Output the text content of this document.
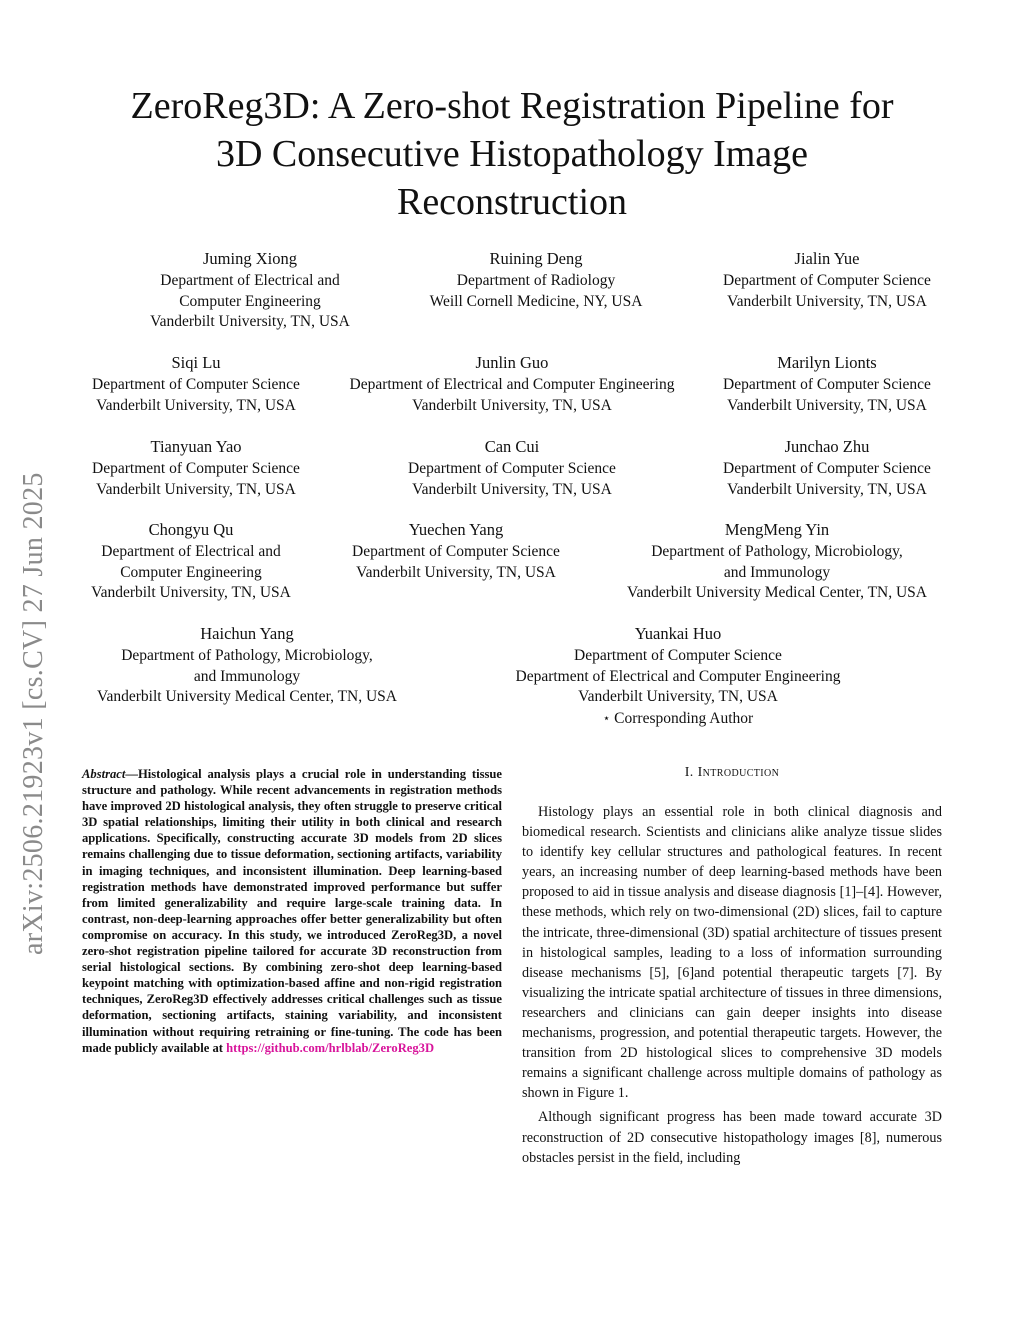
arXiv:2506.21923v1 [cs.CV] 27 Jun 2025
ZeroReg3D: A Zero-shot Registration Pipeline for
3D Consecutive Histopathology Image
Reconstruction
Juming Xiong
Department of Electrical and
Computer Engineering
Vanderbilt University, TN, USA
Ruining Deng
Department of Radiology
Weill Cornell Medicine, NY, USA
Jialin Yue
Department of Computer Science
Vanderbilt University, TN, USA
Siqi Lu
Department of Computer Science
Vanderbilt University, TN, USA
Junlin Guo
Department of Electrical and Computer Engineering
Vanderbilt University, TN, USA
Marilyn Lionts
Department of Computer Science
Vanderbilt University, TN, USA
Tianyuan Yao
Department of Computer Science
Vanderbilt University, TN, USA
Can Cui
Department of Computer Science
Vanderbilt University, TN, USA
Junchao Zhu
Department of Computer Science
Vanderbilt University, TN, USA
Chongyu Qu
Department of Electrical and
Computer Engineering
Vanderbilt University, TN, USA
Yuechen Yang
Department of Computer Science
Vanderbilt University, TN, USA
MengMeng Yin
Department of Pathology, Microbiology,
and Immunology
Vanderbilt University Medical Center, TN, USA
Haichun Yang
Department of Pathology, Microbiology,
and Immunology
Vanderbilt University Medical Center, TN, USA
Yuankai Huo
Department of Computer Science
Department of Electrical and Computer Engineering
Vanderbilt University, TN, USA
⋆ Corresponding Author
Abstract—Histological analysis plays a crucial role in understanding tissue structure and pathology. While recent advancements in registration methods have improved 2D histological analysis, they often struggle to preserve critical 3D spatial relationships, limiting their utility in both clinical and research applications. Specifically, constructing accurate 3D models from 2D slices remains challenging due to tissue deformation, sectioning artifacts, variability in imaging techniques, and inconsistent illumination. Deep learning-based registration methods have demonstrated improved performance but suffer from limited generalizability and require large-scale training data. In contrast, non-deep-learning approaches offer better generalizability but often compromise on accuracy. In this study, we introduced ZeroReg3D, a novel zero-shot registration pipeline tailored for accurate 3D reconstruction from serial histological sections. By combining zero-shot deep learning-based keypoint matching with optimization-based affine and non-rigid registration techniques, ZeroReg3D effectively addresses critical challenges such as tissue deformation, sectioning artifacts, staining variability, and inconsistent illumination without requiring retraining or fine-tuning. The code has been made publicly available at https://github.com/hrlblab/ZeroReg3D
I. Introduction

Histology plays an essential role in both clinical diagnosis and biomedical research. Scientists and clinicians alike analyze tissue slides to identify key cellular structures and pathological features. In recent years, an increasing number of deep learning-based methods have been proposed to aid in tissue analysis and disease diagnosis [1]–[4]. However, these methods, which rely on two-dimensional (2D) slices, fail to capture the intricate, three-dimensional (3D) spatial architecture of tissues present in histological samples, leading to a loss of information surrounding disease mechanisms [5], [6]and potential therapeutic targets [7]. By visualizing the intricate spatial architecture of tissues in three dimensions, researchers and clinicians can gain deeper insights into disease mechanisms, progression, and potential therapeutic targets. However, the transition from 2D histological slices to comprehensive 3D models remains a significant challenge across multiple domains of pathology as shown in Figure 1.

Although significant progress has been made toward accurate 3D reconstruction of 2D consecutive histopathology images [8], numerous obstacles persist in the field, including
